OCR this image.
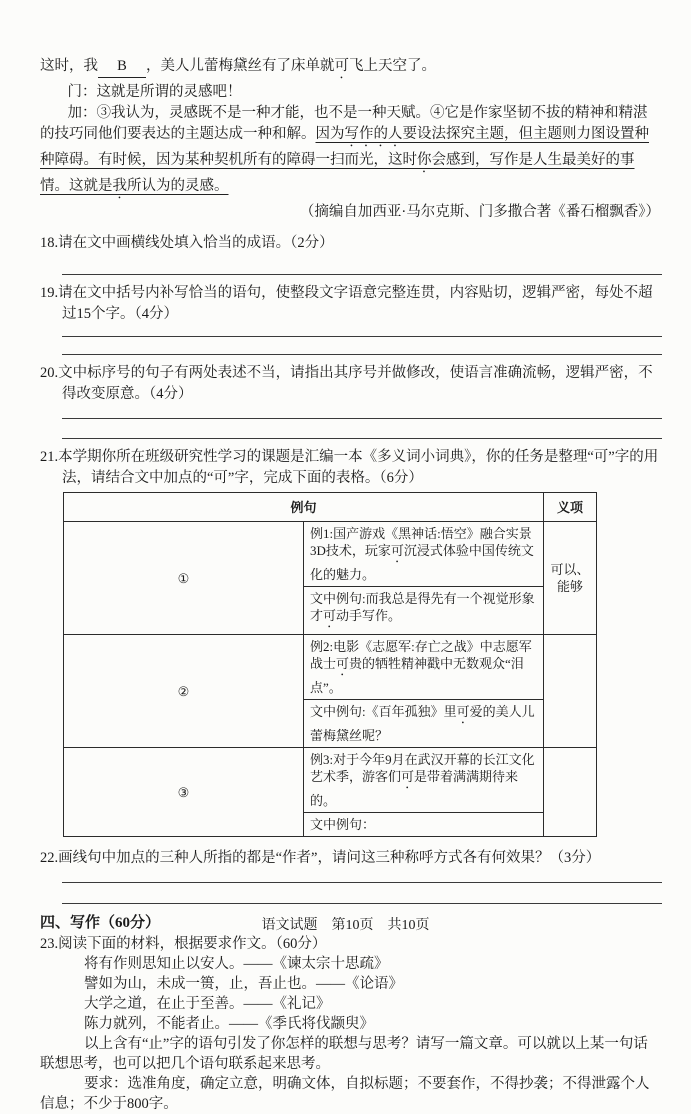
这时，我 B ，美人儿蕾梅黛丝有了床单就可飞上天空了。

门：这就是所谓的灵感吧！

加：③我认为，灵感既不是一种才能，也不是一种天赋。④它是作家坚韧不拔的精神和精湛的技巧同他们要表达的主题达成一种和解。因为写作的人要设法探究主题，但主题则力图设置种种障碍。有时候，因为某种契机所有的障碍一扫而光，这时你会感到，写作是人生最美好的事情。这就是我所认为的灵感。

（摘编自加西亚·马尔克斯、门多撒合著《番石榴飘香》）

18.请在文中画横线处填入恰当的成语。（2分）

19.请在文中括号内补写恰当的语句，使整段文字语意完整连贯，内容贴切，逻辑严密，每处不超过15个字。（4分）

20.文中标序号的句子有两处表述不当，请指出其序号并做修改，使语言准确流畅，逻辑严密，不得改变原意。（4分）

21.本学期你所在班级研究性学习的课题是汇编一本《多义词小词典》，你的任务是整理“可”字的用法，请结合文中加点的“可”字，完成下面的表格。（6分）

例句		义项
①	例1:国产游戏《黑神话:悟空》融合实景3D技术，玩家可沉浸式体验中国传统文化的魅力。	可以、能够
	文中例句:而我总是得先有一个视觉形象才可动手写作。	
②	例2:电影《志愿军:存亡之战》中志愿军战士可贵的牺牲精神戳中无数观众“泪点”。	
	文中例句:《百年孤独》里可爱的美人儿蕾梅黛丝呢？	
③	例3:对于今年9月在武汉开幕的长江文化艺术季，游客们可是带着满满期待来的。	
	文中例句：	

22.画线句中加点的三种人所指的都是“作者”，请问这三种称呼方式各有何效果？（3分）

四、写作（60分）

23.阅读下面的材料，根据要求作文。（60分）

将有作则思知止以安人。——《谏太宗十思疏》

譬如为山，未成一篑，止，吾止也。——《论语》

大学之道，在止于至善。——《礼记》

陈力就列，不能者止。——《季氏将伐颛臾》

以上含有“止”字的语句引发了你怎样的联想与思考？请写一篇文章。可以就以上某一句话联想思考，也可以把几个语句联系起来思考。

要求：选准角度，确定立意，明确文体，自拟标题；不要套作，不得抄袭；不得泄露个人信息；不少于800字。

语文试题　第10页　共10页
